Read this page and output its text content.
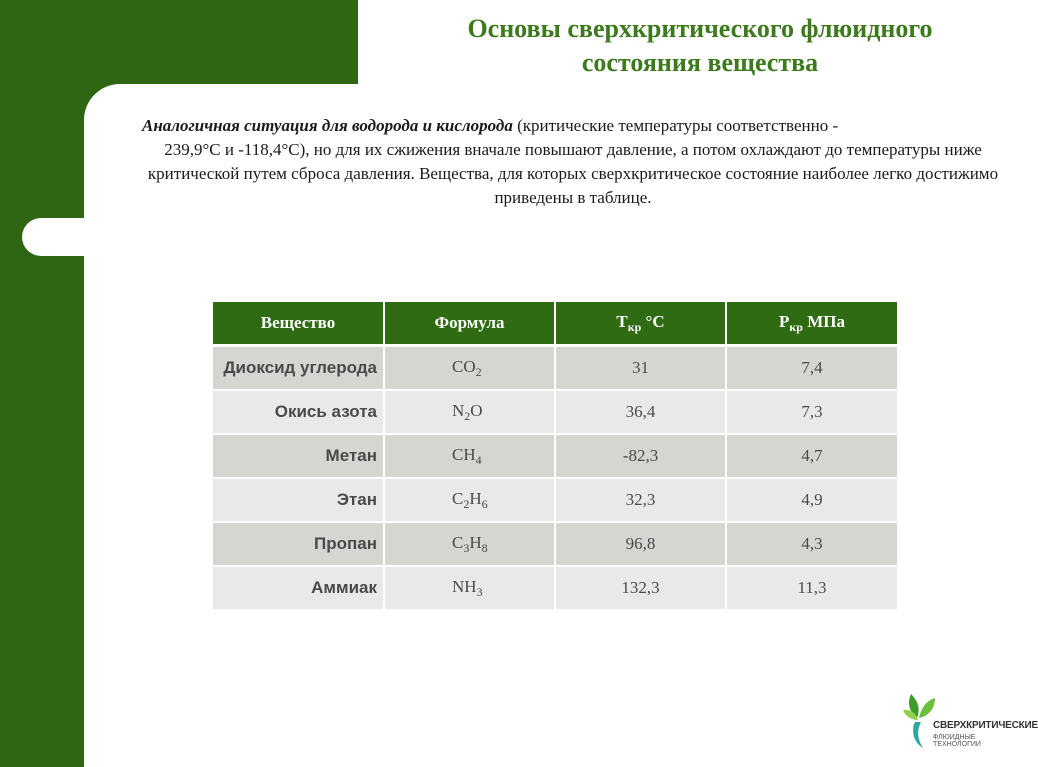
Основы сверхкритического флюидного
состояния вещества
Аналогичная ситуация для водорода и кислорода (критические температуры соответственно -
239,9°C и -118,4°C), но для их сжижения вначале повышают давление, а потом охлаждают до температуры ниже критической путем сброса давления. Вещества, для которых сверхкритическое состояние наиболее легко достижимо приведены в таблице.
Вещество	Формула	$T_{кр}$ °C	$P_{кр}$ МПа
Диоксид углерода	$CO_2$	31	7,4
Окись азота	$N_2O$	36,4	7,3
Метан	$CH_4$	-82,3	4,7
Этан	$C_2H_6$	32,3	4,9
Пропан	$C_3H_8$	96,8	4,3
Аммиак	$NH_3$	132,3	11,3
СВЕРХКРИТИЧЕСКИЕ
ФЛЮИДНЫЕ ТЕХНОЛОГИИ
